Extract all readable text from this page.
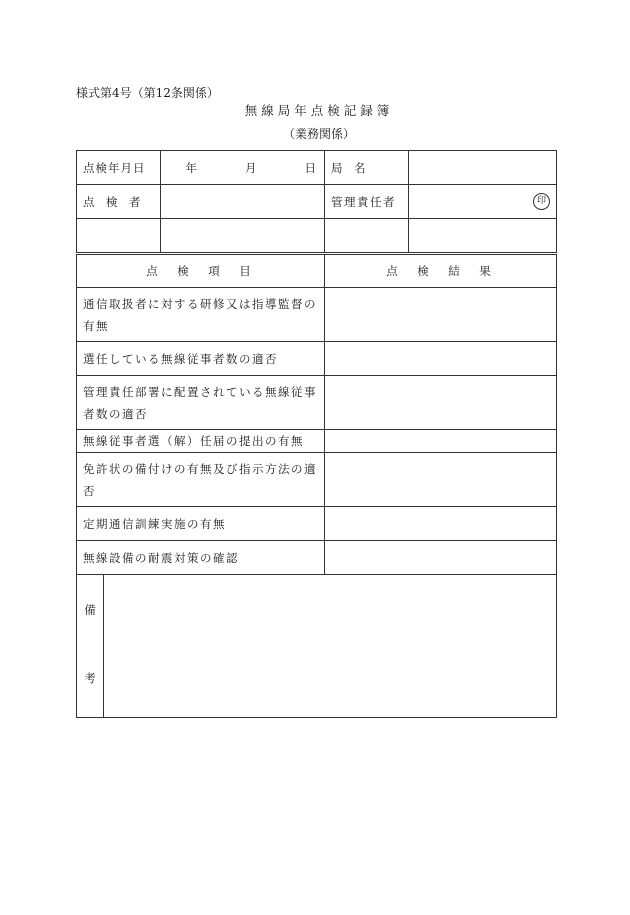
様式第4号（第12条関係）
無線局年点検記録簿
（業務関係）
点検年月日	年 月 日	局　名	

点　検　者		管理責任者	印

点　検　項　目	点　検　結　果

通信取扱者に対する研修又は指導監督の有無	

選任している無線従事者数の適否	

管理責任部署に配置されている無線従事者数の適否	

無線従事者選（解）任届の提出の有無	

免許状の備付けの有無及び指示方法の適否	

定期通信訓練実施の有無	

無線設備の耐震対策の確認	

備
考
